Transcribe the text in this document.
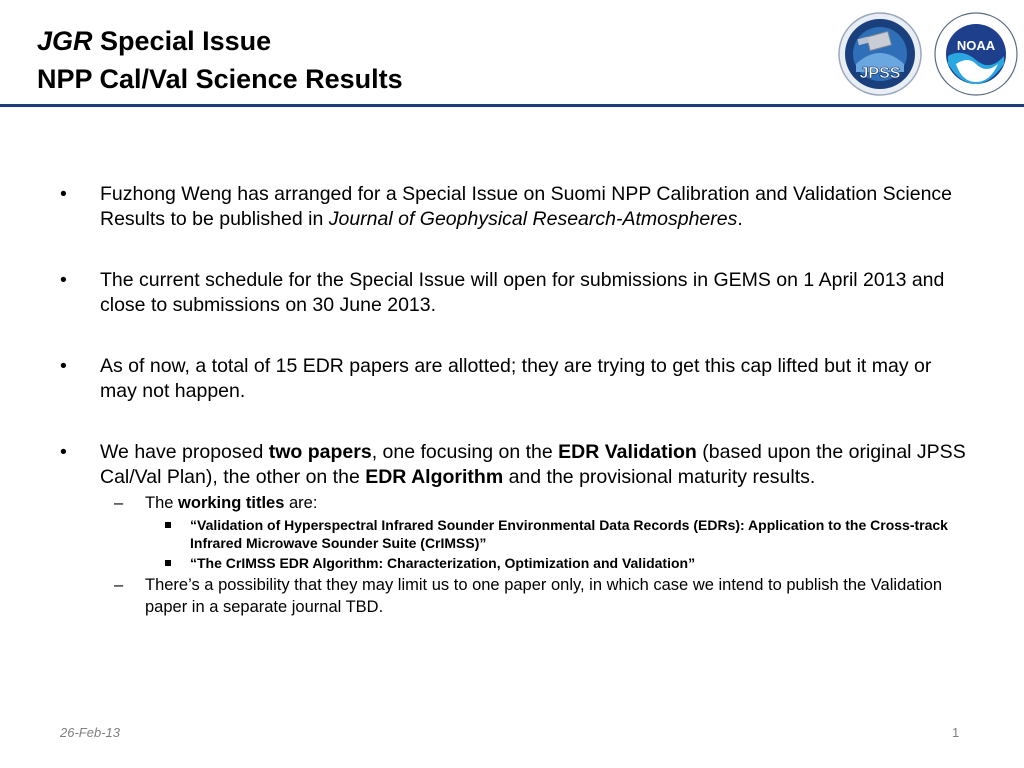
JGR Special Issue
NPP Cal/Val Science Results	JPSS
NOAA
• Fuzhong Weng has arranged for a Special Issue on Suomi NPP Calibration and Validation Science Results to be published in Journal of Geophysical Research-Atmospheres.
• The current schedule for the Special Issue will open for submissions in GEMS on 1 April 2013 and close to submissions on 30 June 2013.
• As of now, a total of 15 EDR papers are allotted; they are trying to get this cap lifted but it may or may not happen.
• We have proposed two papers, one focusing on the EDR Validation (based upon the original JPSS Cal/Val Plan), the other on the EDR Algorithm and the provisional maturity results.
– The working titles are:
“Validation of Hyperspectral Infrared Sounder Environmental Data Records (EDRs): Application to the Cross-track Infrared Microwave Sounder Suite (CrIMSS)”
“The CrIMSS EDR Algorithm: Characterization, Optimization and Validation”
– There’s a possibility that they may limit us to one paper only, in which case we intend to publish the Validation paper in a separate journal TBD.
26-Feb-13	1
